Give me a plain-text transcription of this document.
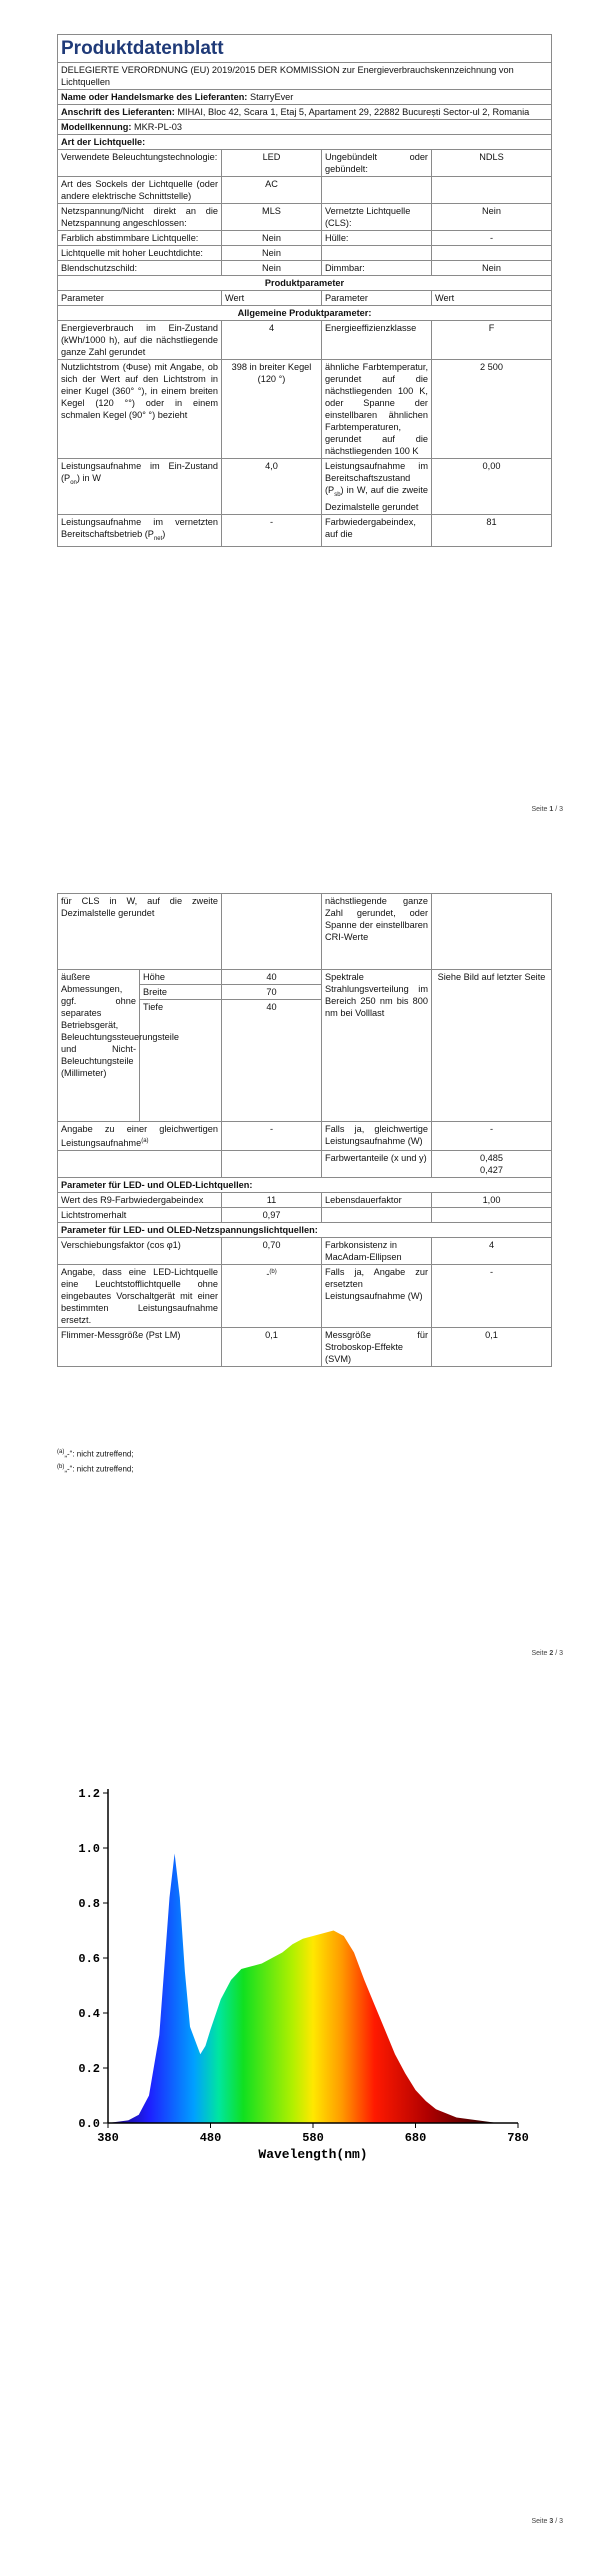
Produktdatenblatt			
DELEGIERTE VERORDNUNG (EU) 2019/2015 DER KOMMISSION zur Energieverbrauchskennzeichnung von Lichtquellen			
Name oder Handelsmarke des Lieferanten: StarryEver			
Anschrift des Lieferanten: MIHAI, Bloc 42, Scara 1, Etaj 5, Apartament 29, 22882 București Sector-ul 2, Romania			
Modellkennung: MKR-PL-03			
Art der Lichtquelle:			
Verwendete Beleuchtungstechnologie:	LED	Ungebündelt oder gebündelt:	NDLS
Art des Sockels der Lichtquelle (oder andere elektrische Schnittstelle)	AC		
Netzspannung/Nicht direkt an die Netzspannung angeschlossen:	MLS	Vernetzte Lichtquelle (CLS):	Nein
Farblich abstimmbare Lichtquelle:	Nein	Hülle:	-
Lichtquelle mit hoher Leuchtdichte:	Nein		
Blendschutzschild:	Nein	Dimmbar:	Nein
Produktparameter			
Parameter	Wert	Parameter	Wert
Allgemeine Produktparameter:			
Energieverbrauch im Ein-Zustand (kWh/1000 h), auf die nächstliegende ganze Zahl gerundet	4	Energieeffizienzklasse	F
Nutzlichtstrom (Φuse) mit Angabe, ob sich der Wert auf den Lichtstrom in einer Kugel (360° °), in einem breiten Kegel (120 °°) oder in einem schmalen Kegel (90° °) bezieht	398 in breiter Kegel (120 °)	ähnliche Farbtemperatur, gerundet auf die nächstliegenden 100 K, oder Spanne der einstellbaren ähnlichen Farbtemperaturen, gerundet auf die nächstliegenden 100 K	2 500
Leistungsaufnahme im Ein-Zustand $(P_{on})$ in W	4,0	Leistungsaufnahme im Bereitschaftszustand $(P_{sb})$ in W, auf die zweite Dezimalstelle gerundet	0,00
Leistungsaufnahme im vernetzten Bereitschaftsbetrieb $(P_{net})$	-	Farbwiedergabeindex, auf die	81
Seite 1 / 3
für CLS in W, auf die zweite Dezimalstelle gerundet			nächstliegende ganze Zahl gerundet, oder Spanne der einstellbaren CRI-Werte	
äußere Abmessungen, ggf. ohne separates Betriebsgerät, Beleuchtungssteuerungsteile und Nicht-Beleuchtungsteile (Millimeter)	Höhe	40	Spektrale Strahlungsverteilung im Bereich 250 nm bis 800 nm bei Volllast	Siehe Bild auf letzter Seite
	Breite	70		
	Tiefe	40		
Angabe zu einer gleichwertigen Leistungsaufnahme$^{(a)}$		-	Falls ja, gleichwertige Leistungsaufnahme (W)	-
			Farbwertanteile (x und y)	0,485
0,427

Parameter für LED- und OLED-Lichtquellen:				
Wert des R9-Farbwiedergabeindex		11	Lebensdauerfaktor	1,00
Lichtstromerhalt		0,97		
Parameter für LED- und OLED-Netzspannungslichtquellen:				
Verschiebungsfaktor (cos φ1)		0,70	Farbkonsistenz in MacAdam-Ellipsen	4
Angabe, dass eine LED-Lichtquelle eine Leuchtstofflichtquelle ohne eingebautes Vorschaltgerät mit einer bestimmten Leistungsaufnahme ersetzt.		-$^{(b)}$	Falls ja, Angabe zur ersetzten Leistungsaufnahme (W)	-
Flimmer-Messgröße (Pst LM)		0,1	Messgröße für Stroboskop-Effekte (SVM)	0,1
$^{(a)}$„-“: nicht zutreffend;
$^{(b)}$„-“: nicht zutreffend;
Seite 2 / 3
380	480	580	680	780
0.0
0.2
0.4
0.6
0.8
1.0
1.2
Wavelength(nm)
Seite 3 / 3
